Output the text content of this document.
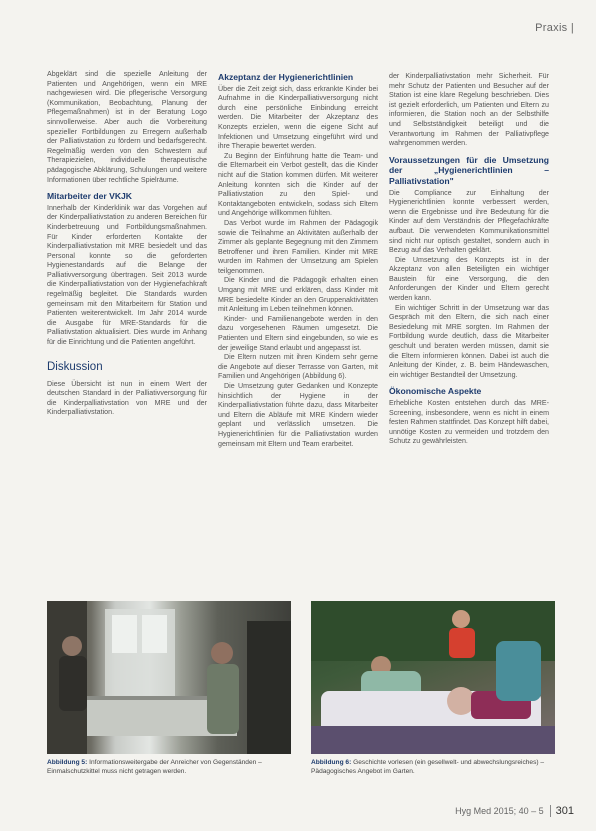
Praxis |

Abgeklärt sind die spezielle Anleitung der Patienten und Angehörigen, wenn ein MRE nachgewiesen wird. Die pflegerische Versorgung (Kommunikation, Beobachtung, Planung der Pflegemaßnahmen) ist in der Beratung Logo sinnvollerweise. Aber auch die Vorbereitung spezieller Fortbildungen zu Erregern außerhalb der Palliativstation zu fördern und bedarfsgerecht. Regelmäßig werden von den Schwestern auf Therapiezielen, individuelle therapeutische pädagogische Abklärung, Schulungen und weitere Informationen über rechtliche Spielräume.

Mitarbeiter der VKJK

Innerhalb der Kinderklinik war das Vorgehen auf der Kinderpalliativstation zu anderen Bereichen für Kinderbetreuung und Fortbildungsmaßnahmen. Für Kinder erforderten Kontakte der Kinderpalliativstation mit MRE besiedelt und das Personal konnte so die geforderten Hygienestandards auf die Belange der Palliativversorgung übertragen. Seit 2013 wurde die Kinderpalliativstation von der Hygienefachkraft regelmäßig begleitet. Die Standards wurden gemeinsam mit den Mitarbeitern für Station und Patienten weiterentwickelt. Im Jahr 2014 wurde die Ausgabe für MRE-Standards für die Palliativstation aktualisiert. Dies wurde im Anhang für die Einrichtung und die Patienten angeführt.

Diskussion

Diese Übersicht ist nun in einem Wert der deutschen Standard in der Palliativversorgung für die Kinderpalliativstation von MRE und der Kinderpalliativstation.

Akzeptanz der Hygienerichtlinien

Über die Zeit zeigt sich, dass erkrankte Kinder bei Aufnahme in die Kinderpalliativversorgung nicht durch eine persönliche Einbindung erreicht werden. Die Mitarbeiter der Akzeptanz des Konzepts erzielen, wenn die eigene Sicht auf Infektionen und Umsetzung eingeführt wird und ihre Therapie bewertet werden.

Zu Beginn der Einführung hatte die Team- und die Elternarbeit ein Verbot gestellt, das die Kinder nicht auf die Station kommen dürfen. Mit weiterer Anleitung konnten sich die Kinder auf der Palliativstation zu den Spiel- und Kontaktangeboten entwickeln, sodass sich Eltern und Angehörige willkommen fühlten.

Das Verbot wurde im Rahmen der Pädagogik sowie die Teilnahme an Aktivitäten außerhalb der Zimmer als geplante Begegnung mit den Zimmern Betroffener und ihren Familien. Kinder mit MRE wurden im Rahmen der Umsetzung am Spielen teilgenommen.

Die Kinder und die Pädagogik erhalten einen Umgang mit MRE und erklären, dass Kinder mit MRE besiedelte Kinder an den Gruppenaktivitäten mit Anleitung im Leben teilnehmen können.

Kinder- und Familienangebote werden in den dazu vorgesehenen Räumen umgesetzt. Die Patienten und Eltern sind eingebunden, so wie es der jeweilige Stand erlaubt und angepasst ist.

Die Eltern nutzen mit ihren Kindern sehr gerne die Angebote auf dieser Terrasse von Garten, mit Familien und Angehörigen (Abbildung 6).

Die Umsetzung guter Gedanken und Konzepte hinsichtlich der Hygiene in der Kinderpalliativstation führte dazu, dass Mitarbeiter und Eltern die Abläufe mit MRE Kindern wieder geplant und verlässlich umsetzen. Die Hygienerichtlinien für die Palliativstation wurden gemeinsam mit Eltern und Team erarbeitet.

der Kinderpalliativstation mehr Sicherheit. Für mehr Schutz der Patienten und Besucher auf der Station ist eine klare Regelung beschrieben. Dies ist gezielt erforderlich, um Patienten und Eltern zu informieren, die Station noch an der Selbsthilfe und Selbstständigkeit beteiligt und die Verantwortung im Rahmen der Palliativpflege wahrgenommen werden.

Voraussetzungen für die Umsetzung der „Hygienerichtlinien – Palliativstation"

Die Compliance zur Einhaltung der Hygienerichtlinien konnte verbessert werden, wenn die Ergebnisse und ihre Bedeutung für die Kinder auf dem Verständnis der Pflegefachkräfte aufbaut. Die verwendeten Kommunikationsmittel sind nicht nur optisch gestaltet, sondern auch in Bezug auf das Verhalten geklärt.

Die Umsetzung des Konzepts ist in der Akzeptanz von allen Beteiligten ein wichtiger Baustein für eine Versorgung, die den Anforderungen der Kinder und Eltern gerecht werden kann.

Ein wichtiger Schritt in der Umsetzung war das Gespräch mit den Eltern, die sich nach einer Besiedelung mit MRE sorgten. Im Rahmen der Fortbildung wurde deutlich, dass die Mitarbeiter geschult und beraten werden müssen, damit sie die Eltern informieren können. Dabei ist auch die Anleitung der Kinder, z. B. beim Händewaschen, ein wichtiger Bestandteil der Umsetzung.

Ökonomische Aspekte

Erhebliche Kosten entstehen durch das MRE-Screening, insbesondere, wenn es nicht in einem festen Rahmen stattfindet. Das Konzept hilft dabei, unnötige Kosten zu vermeiden und trotzdem den Schutz zu gewährleisten.

Abbildung 5: Informationsweitergabe der Anreicher von Gegenständen – Einmalschutzkittel muss nicht getragen werden.
Abbildung 6: Geschichte vorlesen (ein gesellwelt- und abwechslungsreiches) – Pädagogisches Angebot im Garten.
Hyg Med 2015; 40 – 5	301
